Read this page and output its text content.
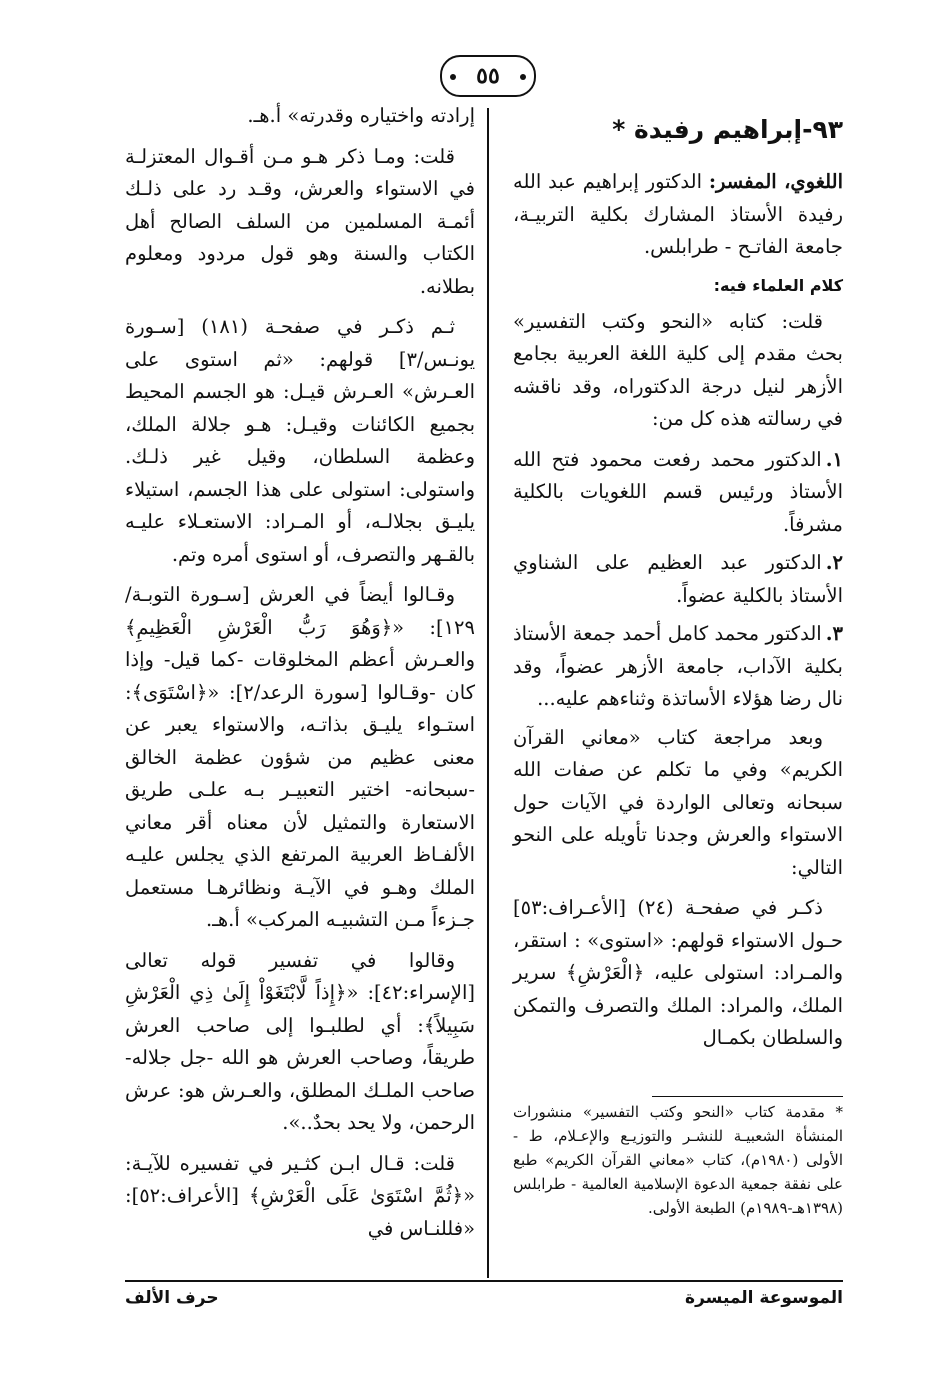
٥٥
٩٣-إبراهيم رفيدة *

اللغوي، المفسر: الدكتور إبراهيم عبد الله رفيدة الأستاذ المشارك بكلية التربيـة، جامعة الفاتـح - طرابلس.

كلام العلماء فيه:

قلت: كتابه «النحو وكتب التفسير» بحث مقدم إلى كلية اللغة العربية بجامع الأزهر لنيل درجة الدكتوراه، وقد ناقشه في رسالته هذه كل من:

١.الدكتور محمد رفعت محمود فتح الله الأستاذ ورئيس قسم اللغويات بالكلية مشرفاً.
٢.الدكتور عبد العظيم على الشناوي الأستاذ بالكلية عضواً.
٣.الدكتور محمد كامل أحمد جمعة الأستاذ بكلية الآداب، جامعة الأزهر عضواً، وقد نال رضا هؤلاء الأساتذة وثناءهم عليه...

وبعد مراجعة كتاب «معاني القرآن الكريم» وفي ما تكلم عن صفات الله سبحانه وتعالى الواردة في الآيات حول الاستواء والعرش وجدنا تأويله على النحو التالي:

ذكـر في صفحـة (٢٤) [الأعـراف:٥٣] حـول الاستواء قولهم: «استوى» : استقر، والمـراد: استولى عليه، ﴿الْعَرْشِ﴾ سرير الملك، والمراد: الملك والتصرف والتمكن والسلطان بكمـال

* مقدمة كتاب «النحو وكتب التفسير» منشورات المنشأة الشعبيـة للنشـر والتوزيـع والإعـلام، ط - الأولى (١٩٨٠م)، كتاب «معاني القرآن الكريم» طبع على نفقة جمعية الدعوة الإسلامية العالمية - طرابلس (١٣٩٨هـ-١٩٨٩م) الطبعة الأولى.

إرادته واختياره وقدرته» أ.هـ.

قلت: ومـا ذكر هـو مـن أقـوال المعتزلـة في الاستواء والعرش، وقـد رد على ذلـك أئمـة المسلمين من السلف الصالح أهل الكتاب والسنة وهو قول مردود ومعلوم بطلانه.

ثـم ذكـر في صفحـة (١٨١) [سـورة يونـس/٣] قولهم: «ثم استوى على العـرش» العـرش قيـل: هو الجسم المحيط بجميع الكائنات وقيـل: هـو جلالة الملك، وعظمة السلطان، وقيل غير ذلـك. واستولى: استولى على هذا الجسم، استيلاء يليـق بجلالـه، أو المـراد: الاستعـلاء عليـه بالقـهر والتصرف، أو استوى أمره وتم.

وقـالوا أيضاً في العرش [سـورة التوبـة/١٢٩]: «﴿وَهُوَ رَبُّ الْعَرْشِ الْعَظِيمِ﴾ والعـرش أعظم المخلوقات -كما قيل- وإذا كان -وقـالوا [سورة الرعد/٢]: «﴿اسْتَوَى﴾: استـواء يليـق بذاتـه، والاستواء يعبر عن معنى عظيم من شؤون عظمة الخالق -سبحانه- اختير التعبيـر بـه علـى طريق الاستعارة والتمثيل لأن معناه أقر معاني الألفـاظ العربية المرتفع الذي يجلس عليـه الملك وهـو في الآيـة ونظائرهـا مستعمل جـزءاً مـن التشبيـه المركب» أ.هـ.

وقالوا في تفسير قوله تعالى [الإسراء:٤٢]: «﴿إِذاً لَّابْتَغَوْاْ إِلَىٰ ذِي الْعَرْشِ سَبِيلاً﴾: أي لطلبـوا إلى صاحب العرش طريقاً، وصاحب العرش هو الله -جل جلاله- صاحب الملـك المطلق، والعـرش هو: عرش الرحمن، ولا يحد بحدٌ..».

قلت: قـال ابـن كثـير في تفسيره للآيـة: «﴿ثُمَّ اسْتَوَىٰ عَلَى الْعَرْشِ﴾ [الأعراف:٥٢]: «فللنـاس في

الموسوعة الميسرة
حرف الألف
